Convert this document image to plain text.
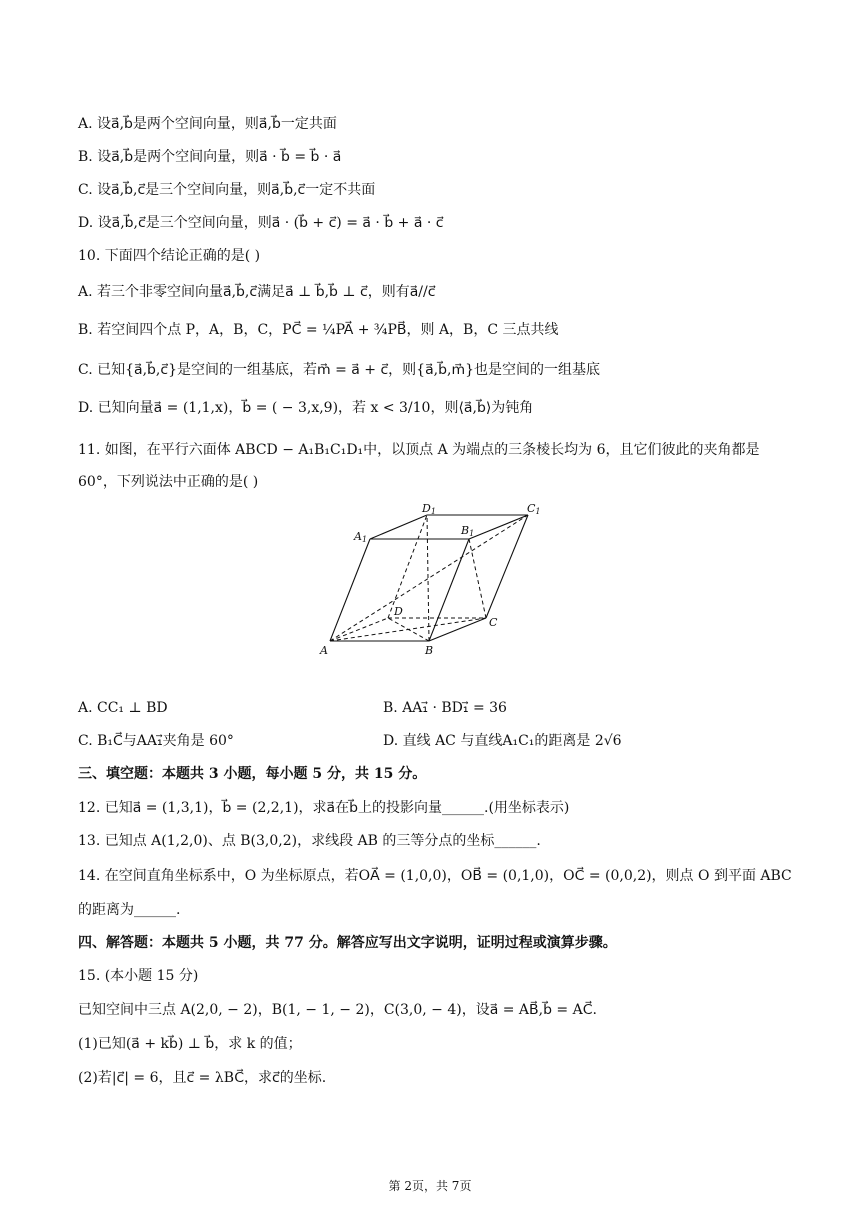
A. 设a⃗,b⃗是两个空间向量，则a⃗,b⃗一定共面
B. 设a⃗,b⃗是两个空间向量，则a⃗ · b⃗ = b⃗ · a⃗
C. 设a⃗,b⃗,c⃗是三个空间向量，则a⃗,b⃗,c⃗一定不共面
D. 设a⃗,b⃗,c⃗是三个空间向量，则a⃗ · (b⃗ + c⃗) = a⃗ · b⃗ + a⃗ · c⃗
10. 下面四个结论正确的是( )
A. 若三个非零空间向量a⃗,b⃗,c⃗满足a⃗ ⊥ b⃗,b⃗ ⊥ c⃗，则有a⃗//c⃗
B. 若空间四个点 P，A，B，C，PC⃗ = ¼PA⃗ + ¾PB⃗，则 A，B，C 三点共线
C. 已知{a⃗,b⃗,c⃗}是空间的一组基底，若m⃗ = a⃗ + c⃗，则{a⃗,b⃗,m⃗}也是空间的一组基底
D. 已知向量a⃗ = (1,1,x)，b⃗ = ( − 3,x,9)，若 x < 3/10，则⟨a⃗,b⃗⟩为钝角
11. 如图，在平行六面体 ABCD − A₁B₁C₁D₁中，以顶点 A 为端点的三条棱长均为 6，且它们彼此的夹角都是
60°，下列说法中正确的是( )
A. CC₁ ⊥ BD
C. B₁C⃗与AA₁⃗夹角是 60°
三、填空题：本题共 3 小题，每小题 5 分，共 15 分。
12. 已知a⃗ = (1,3,1)，b⃗ = (2,2,1)，求a⃗在b⃗上的投影向量______.(用坐标表示)
13. 已知点 A(1,2,0)、点 B(3,0,2)，求线段 AB 的三等分点的坐标______.
14. 在空间直角坐标系中，O 为坐标原点，若OA⃗ = (1,0,0)，OB⃗ = (0,1,0)，OC⃗ = (0,0,2)，则点 O 到平面 ABC
的距离为______.
四、解答题：本题共 5 小题，共 77 分。解答应写出文字说明，证明过程或演算步骤。
15. (本小题 15 分)
已知空间中三点 A(2,0, − 2)，B(1, − 1, − 2)，C(3,0, − 4)，设a⃗ = AB⃗,b⃗ = AC⃗.
(1)已知(a⃗ + kb⃗) ⊥ b⃗，求 k 的值；
(2)若|c⃗| = 6，且c⃗ = λBC⃗，求c⃗的坐标.
B. AA₁⃗ · BD₁⃗ = 36
D. 直线 AC 与直线A₁C₁的距离是 2√6
A	B
C
D
A1
B1
C1
D1
第 2页，共 7页
